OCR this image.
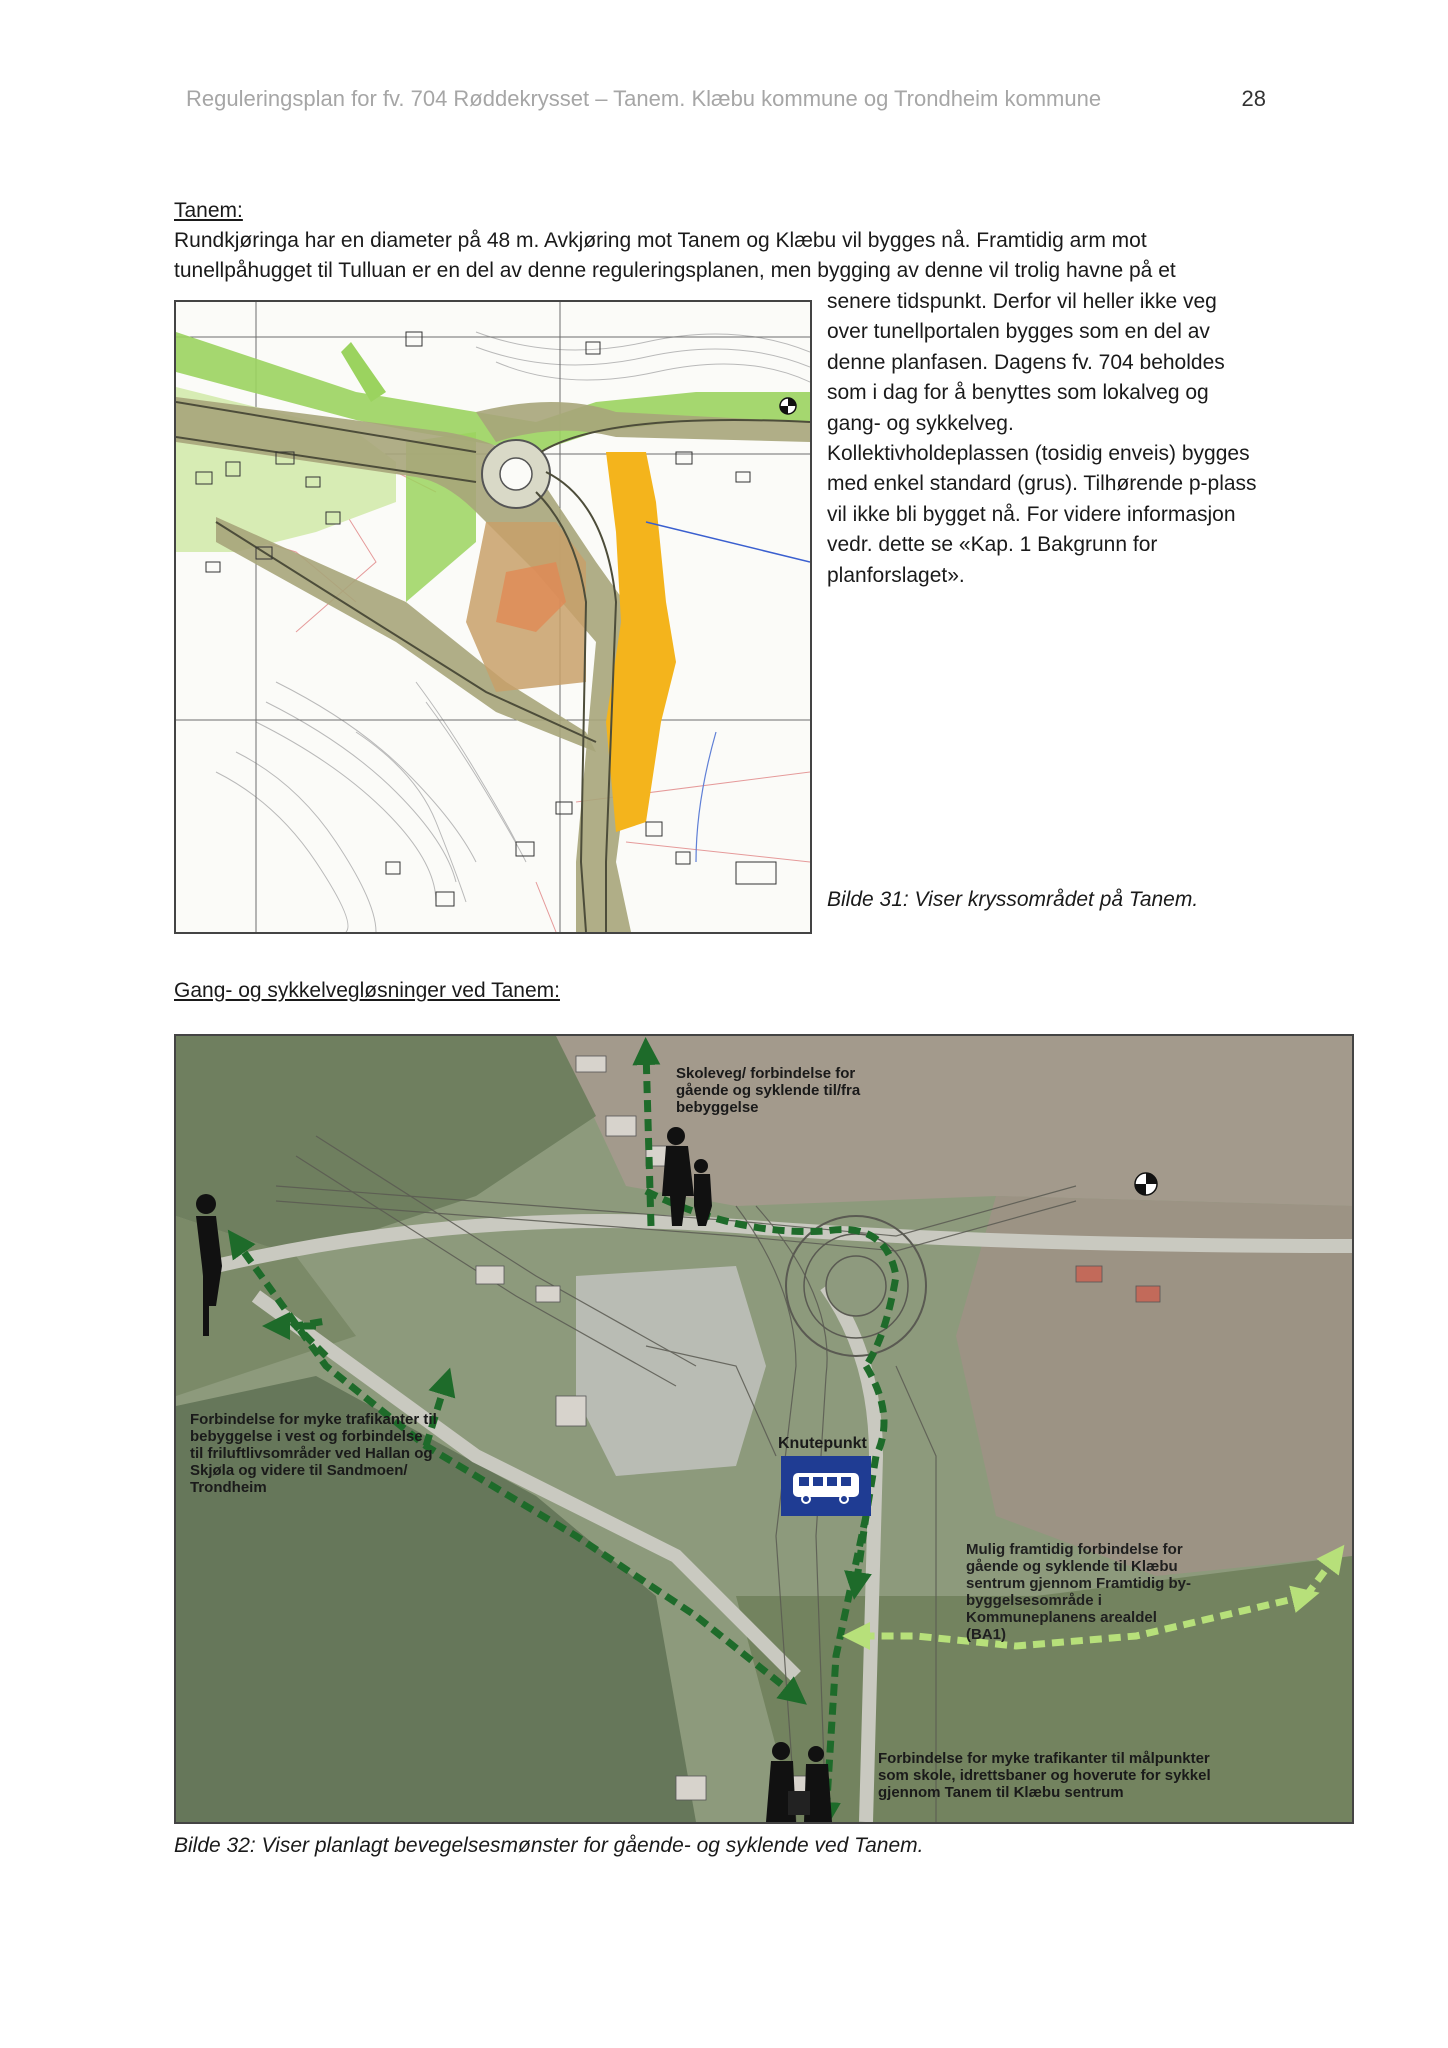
Reguleringsplan for fv. 704 Røddekrysset – Tanem. Klæbu kommune og Trondheim kommune	28
Tanem:
Rundkjøringa har en diameter på 48 m. Avkjøring mot Tanem og Klæbu vil bygges nå. Framtidig arm mot
tunellpåhugget til Tulluan er en del av denne reguleringsplanen, men bygging av denne vil trolig havne på et
senere tidspunkt. Derfor vil heller ikke veg
over tunellportalen bygges som en del av
denne planfasen. Dagens fv. 704 beholdes
som i dag for å benyttes som lokalveg og
gang- og sykkelveg.
Kollektivholdeplassen (tosidig enveis) bygges
med enkel standard (grus). Tilhørende p-plass
vil ikke bli bygget nå. For videre informasjon
vedr. dette se «Kap. 1 Bakgrunn for
planforslaget».
Bilde 31: Viser kryssområdet på Tanem.
Gang- og sykkelvegløsninger ved Tanem:
Skoleveg/ forbindelse for
gående og syklende til/fra
bebyggelse
Forbindelse for myke trafikanter til
bebyggelse i vest og forbindelse
til friluftlivsområder ved Hallan og
Skjøla og videre til Sandmoen/
Trondheim
Knutepunkt
Mulig framtidig forbindelse for
gående og syklende til Klæbu
sentrum gjennom Framtidig by-
byggelsesområde i
Kommuneplanens arealdel
(BA1)
Forbindelse for myke trafikanter til målpunkter
som skole, idrettsbaner og hoverute for sykkel
gjennom Tanem til Klæbu sentrum
Bilde 32: Viser planlagt bevegelsesmønster for gående- og syklende ved Tanem.
